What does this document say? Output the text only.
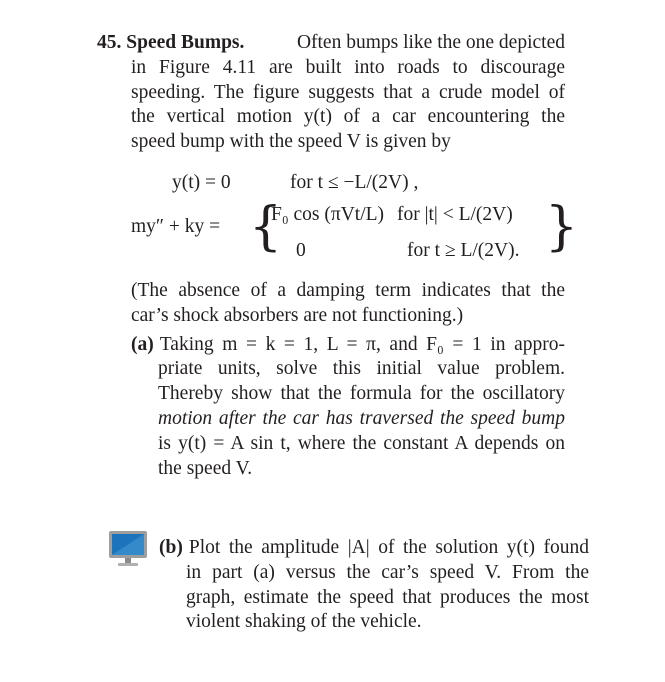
45. Speed Bumps.	Often bumps like the one depicted
in Figure 4.11 are built into roads to discourage
speeding. The figure suggests that a crude model of
the vertical motion y(t) of a car encountering the
speed bump with the speed V is given by
y(t) = 0	for t ≤ −L/(2V) ,
my″ + ky = {
F₀ cos (πVt/L) for |t| < L/(2V)
0	for t ≥ L/(2V). }
(The absence of a damping term indicates that the
car’s shock absorbers are not functioning.)
(a) Taking m = k = 1, L = π, and F₀ = 1 in appro-
priate units, solve this initial value problem.
Thereby show that the formula for the oscillatory
motion after the car has traversed the speed bump
is y(t) = A sin t, where the constant A depends on
the speed V.
(b) Plot the amplitude |A| of the solution y(t) found
in part (a) versus the car’s speed V. From the
graph, estimate the speed that produces the most
violent shaking of the vehicle.
